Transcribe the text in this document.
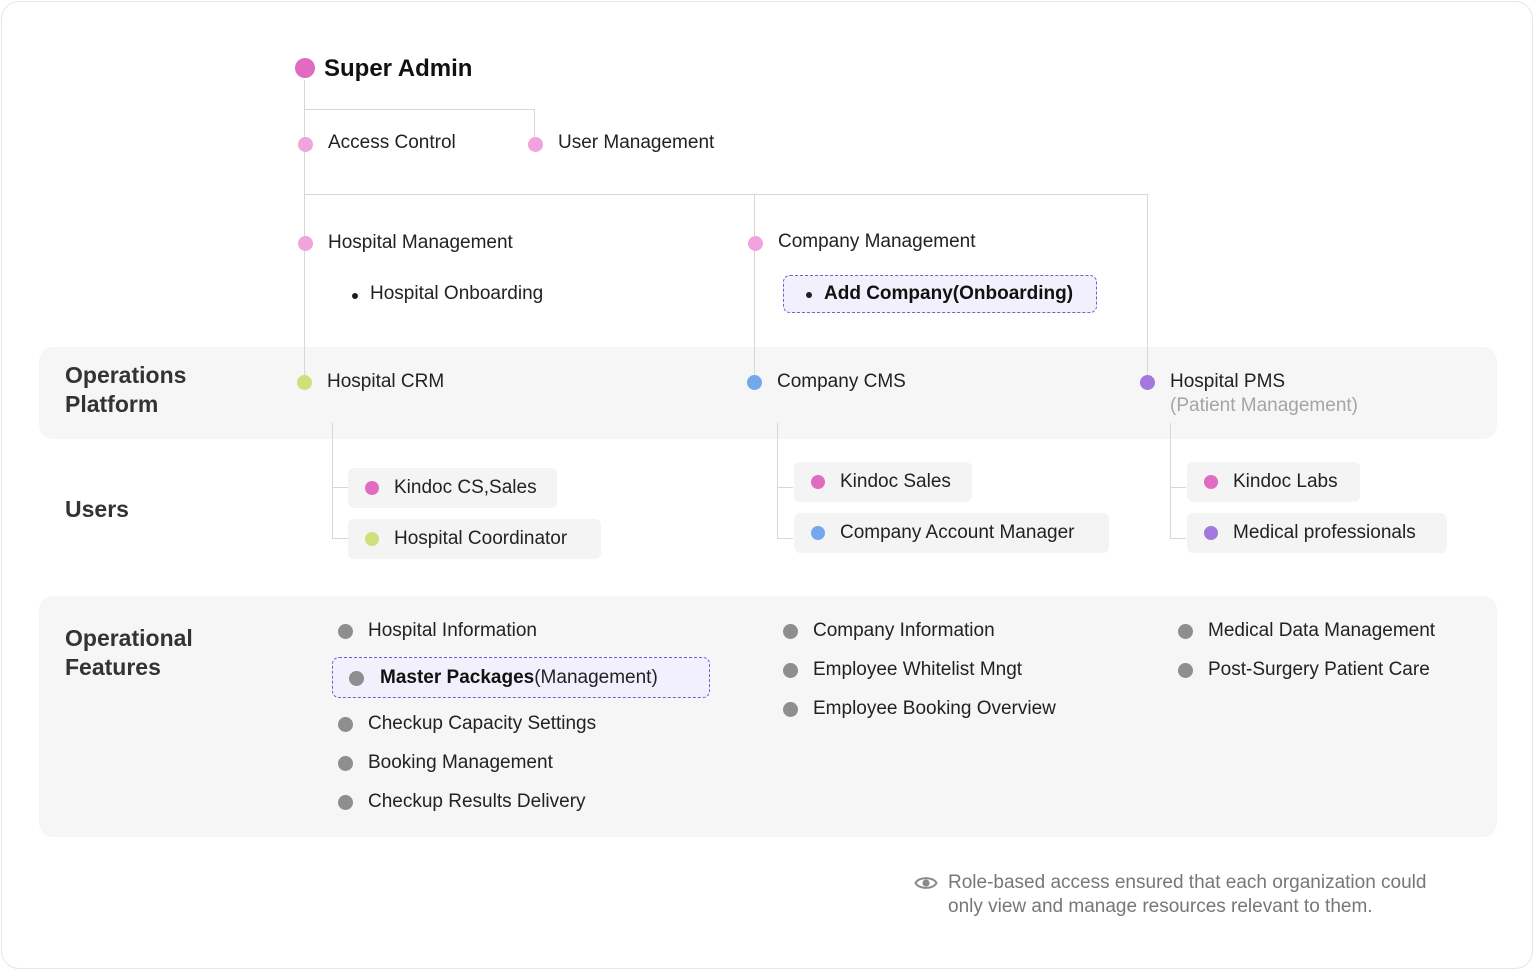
Super Admin
Access Control	User Management
Hospital Management
Hospital Onboarding
Company Management
Add Company(Onboarding)
Operations Platform
Hospital CRM	Company CMS	Hospital PMS
(Patient Management)
Users
Kindoc CS,Sales
Hospital Coordinator
Kindoc Sales
Company Account Manager
Kindoc Labs
Medical professionals
Operational Features
Hospital Information
Master Packages(Management)
Checkup Capacity Settings
Booking Management
Checkup Results Delivery
Company Information
Employee Whitelist Mngt
Employee Booking Overview
Medical Data Management
Post-Surgery Patient Care
Role-based access ensured that each organization could
only view and manage resources relevant to them.
